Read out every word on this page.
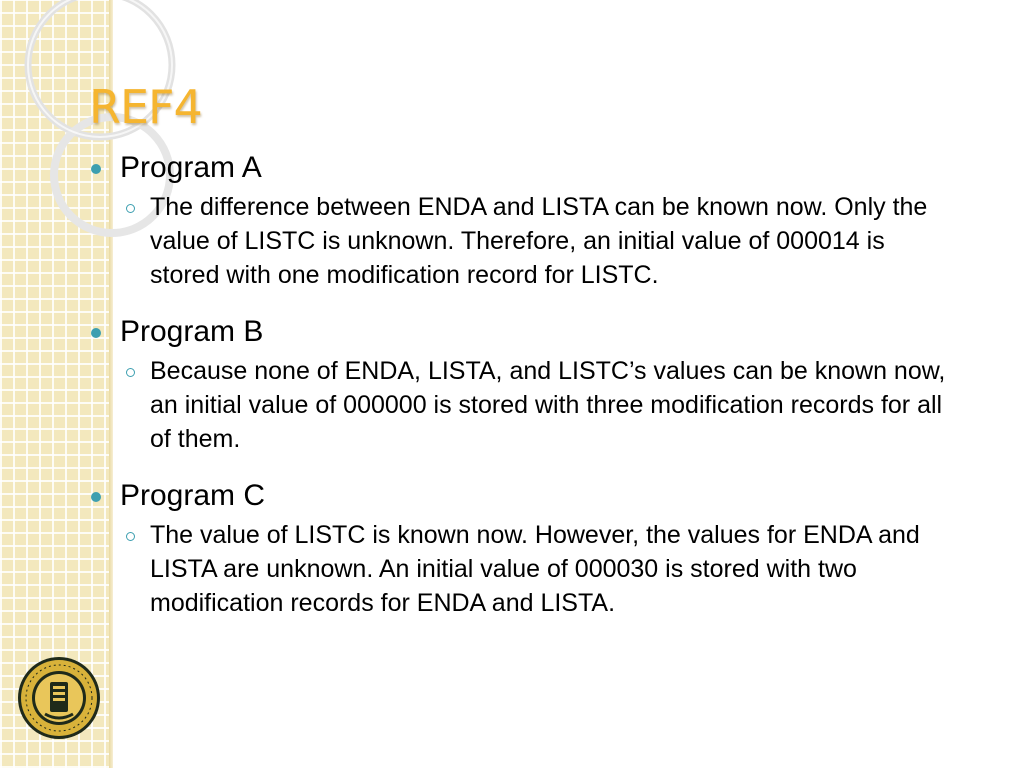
REF4
Program A
The difference between ENDA and LISTA can be known now. Only the value of LISTC is unknown. Therefore, an initial value of 000014 is stored with one modification record for LISTC.
Program B
Because none of ENDA, LISTA, and LISTC’s values can be known now, an initial value of 000000 is stored with three modification records for all of them.
Program C
The value of LISTC is known now. However, the values for ENDA and LISTA are unknown. An initial value of 000030 is stored with two modification records for ENDA and LISTA.
